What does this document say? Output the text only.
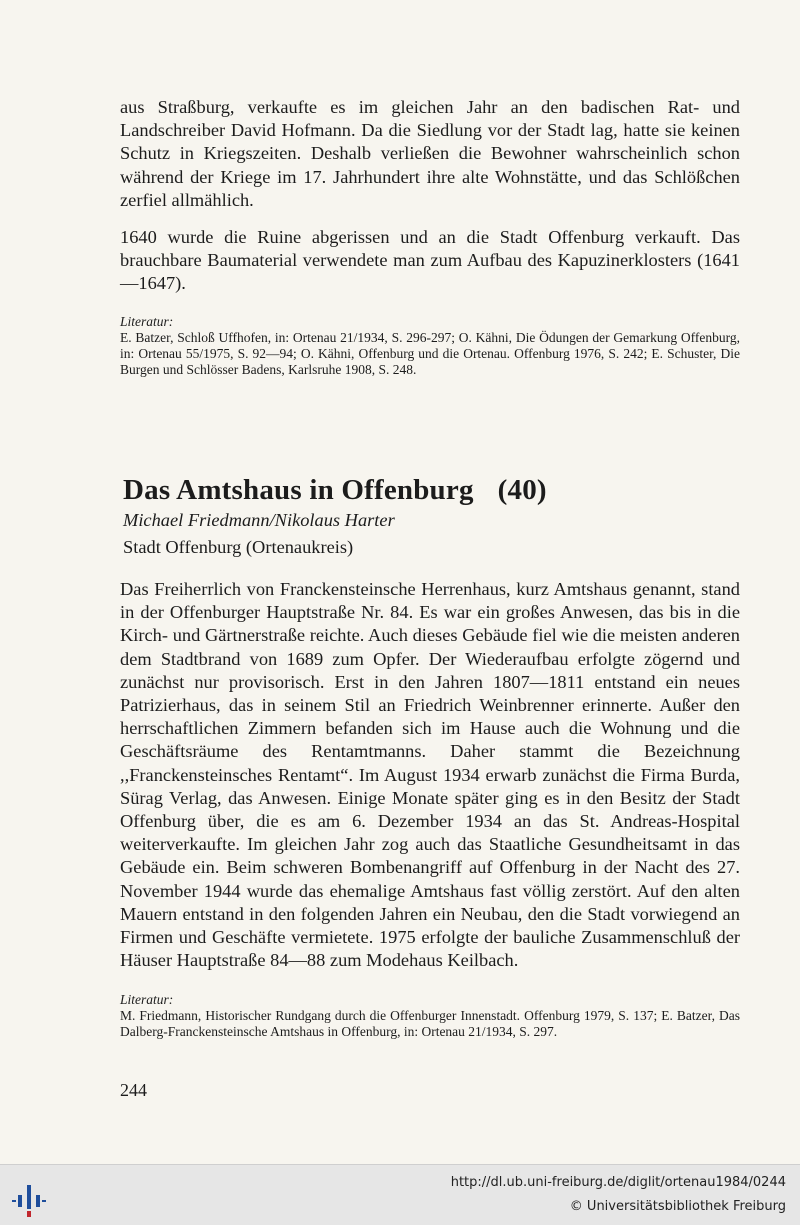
aus Straßburg, verkaufte es im gleichen Jahr an den badischen Rat- und Landschreiber David Hofmann. Da die Siedlung vor der Stadt lag, hatte sie keinen Schutz in Kriegszeiten. Deshalb verließen die Bewohner wahrscheinlich schon während der Kriege im 17. Jahrhundert ihre alte Wohnstätte, und das Schlößchen zerfiel allmählich.

1640 wurde die Ruine abgerissen und an die Stadt Offenburg verkauft. Das brauchbare Baumaterial verwendete man zum Aufbau des Kapuzinerklosters (1641—1647).

Literatur:

E. Batzer, Schloß Uffhofen, in: Ortenau 21/1934, S. 296-297; O. Kähni, Die Ödungen der Gemarkung Offenburg, in: Ortenau 55/1975, S. 92—94; O. Kähni, Offenburg und die Ortenau. Offenburg 1976, S. 242; E. Schuster, Die Burgen und Schlösser Badens, Karlsruhe 1908, S. 248.

Das Amtshaus in Offenburg (40)

Michael Friedmann/Nikolaus Harter

Stadt Offenburg (Ortenaukreis)

Das Freiherrlich von Franckensteinsche Herrenhaus, kurz Amtshaus genannt, stand in der Offenburger Hauptstraße Nr. 84. Es war ein großes Anwesen, das bis in die Kirch- und Gärtnerstraße reichte. Auch dieses Gebäude fiel wie die meisten anderen dem Stadtbrand von 1689 zum Opfer. Der Wiederaufbau erfolgte zögernd und zunächst nur provisorisch. Erst in den Jahren 1807—1811 entstand ein neues Patrizierhaus, das in seinem Stil an Friedrich Weinbrenner erinnerte. Außer den herrschaftlichen Zimmern befanden sich im Hause auch die Wohnung und die Geschäftsräume des Rentamtmanns. Daher stammt die Bezeichnung ,,Franckensteinsches Rentamt“. Im August 1934 erwarb zunächst die Firma Burda, Sürag Verlag, das Anwesen. Einige Monate später ging es in den Besitz der Stadt Offenburg über, die es am 6. Dezember 1934 an das St. Andreas-Hospital weiterverkaufte. Im gleichen Jahr zog auch das Staatliche Gesundheitsamt in das Gebäude ein. Beim schweren Bombenangriff auf Offenburg in der Nacht des 27. November 1944 wurde das ehemalige Amtshaus fast völlig zerstört. Auf den alten Mauern entstand in den folgenden Jahren ein Neubau, den die Stadt vorwiegend an Firmen und Geschäfte vermietete. 1975 erfolgte der bauliche Zusammenschluß der Häuser Hauptstraße 84—88 zum Modehaus Keilbach.

Literatur:

M. Friedmann, Historischer Rundgang durch die Offenburger Innenstadt. Offenburg 1979, S. 137; E. Batzer, Das Dalberg-Franckensteinsche Amtshaus in Offenburg, in: Ortenau 21/1934, S. 297.

244

http://dl.ub.uni-freiburg.de/diglit/ortenau1984/0244
© Universitätsbibliothek Freiburg
